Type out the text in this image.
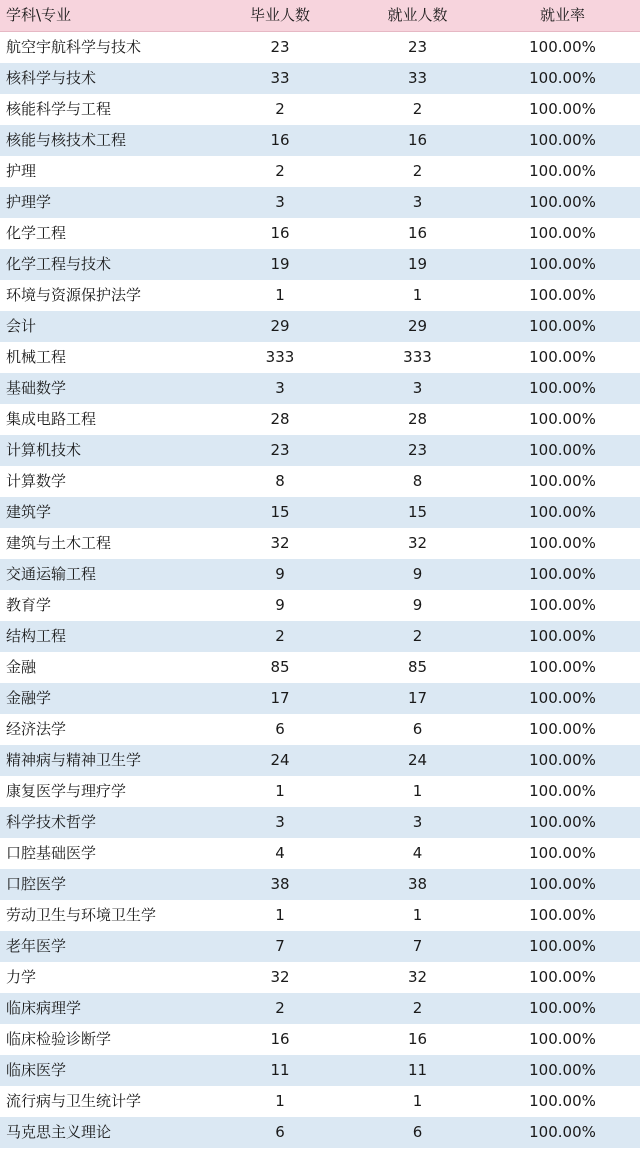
学科\专业	毕业人数	就业人数	就业率
航空宇航科学与技术	23	23	100.00%
核科学与技术	33	33	100.00%
核能科学与工程	2	2	100.00%
核能与核技术工程	16	16	100.00%
护理	2	2	100.00%
护理学	3	3	100.00%
化学工程	16	16	100.00%
化学工程与技术	19	19	100.00%
环境与资源保护法学	1	1	100.00%
会计	29	29	100.00%
机械工程	333	333	100.00%
基础数学	3	3	100.00%
集成电路工程	28	28	100.00%
计算机技术	23	23	100.00%
计算数学	8	8	100.00%
建筑学	15	15	100.00%
建筑与土木工程	32	32	100.00%
交通运输工程	9	9	100.00%
教育学	9	9	100.00%
结构工程	2	2	100.00%
金融	85	85	100.00%
金融学	17	17	100.00%
经济法学	6	6	100.00%
精神病与精神卫生学	24	24	100.00%
康复医学与理疗学	1	1	100.00%
科学技术哲学	3	3	100.00%
口腔基础医学	4	4	100.00%
口腔医学	38	38	100.00%
劳动卫生与环境卫生学	1	1	100.00%
老年医学	7	7	100.00%
力学	32	32	100.00%
临床病理学	2	2	100.00%
临床检验诊断学	16	16	100.00%
临床医学	11	11	100.00%
流行病与卫生统计学	1	1	100.00%
马克思主义理论	6	6	100.00%
